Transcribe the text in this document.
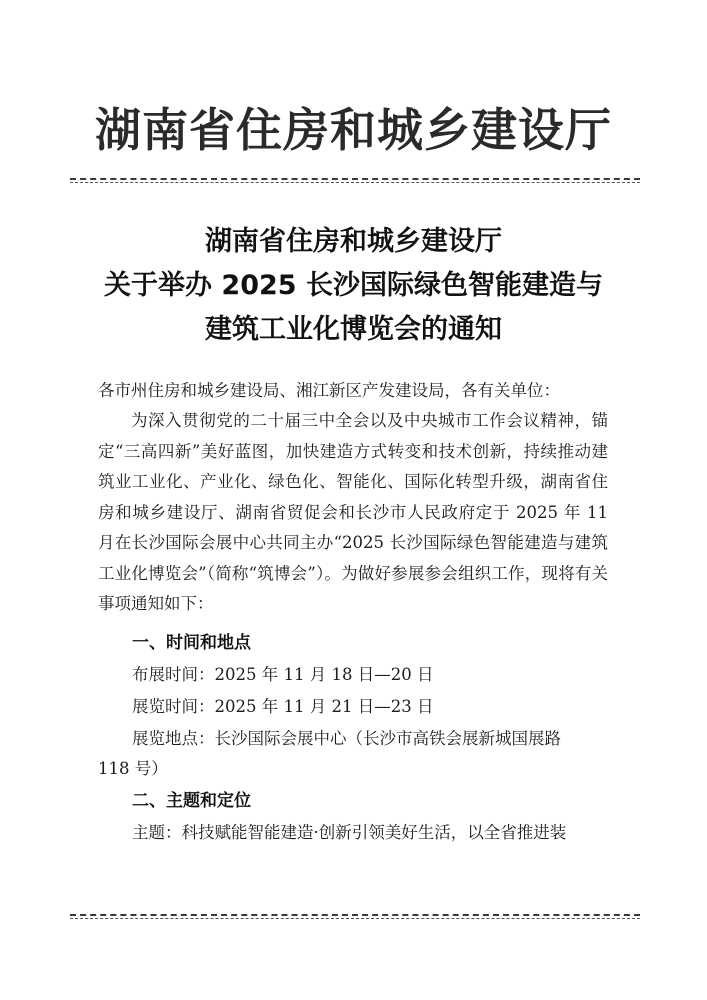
湖南省住房和城乡建设厅
湖南省住房和城乡建设厅
关于举办 2025 长沙国际绿色智能建造与
建筑工业化博览会的通知
各市州住房和城乡建设局、湘江新区产发建设局，各有关单位：
为深入贯彻党的二十届三中全会以及中央城市工作会议精神，锚定“三高四新”美好蓝图，加快建造方式转变和技术创新，持续推动建筑业工业化、产业化、绿色化、智能化、国际化转型升级，湖南省住房和城乡建设厅、湖南省贸促会和长沙市人民政府定于 2025 年 11 月在长沙国际会展中心共同主办“2025 长沙国际绿色智能建造与建筑工业化博览会”（简称“筑博会”）。为做好参展参会组织工作，现将有关事项通知如下：
一、时间和地点
布展时间：2025 年 11 月 18 日—20 日
展览时间：2025 年 11 月 21 日—23 日
展览地点：长沙国际会展中心（长沙市高铁会展新城国展路
118 号）
二、主题和定位
主题：科技赋能智能建造·创新引领美好生活，以全省推进装
